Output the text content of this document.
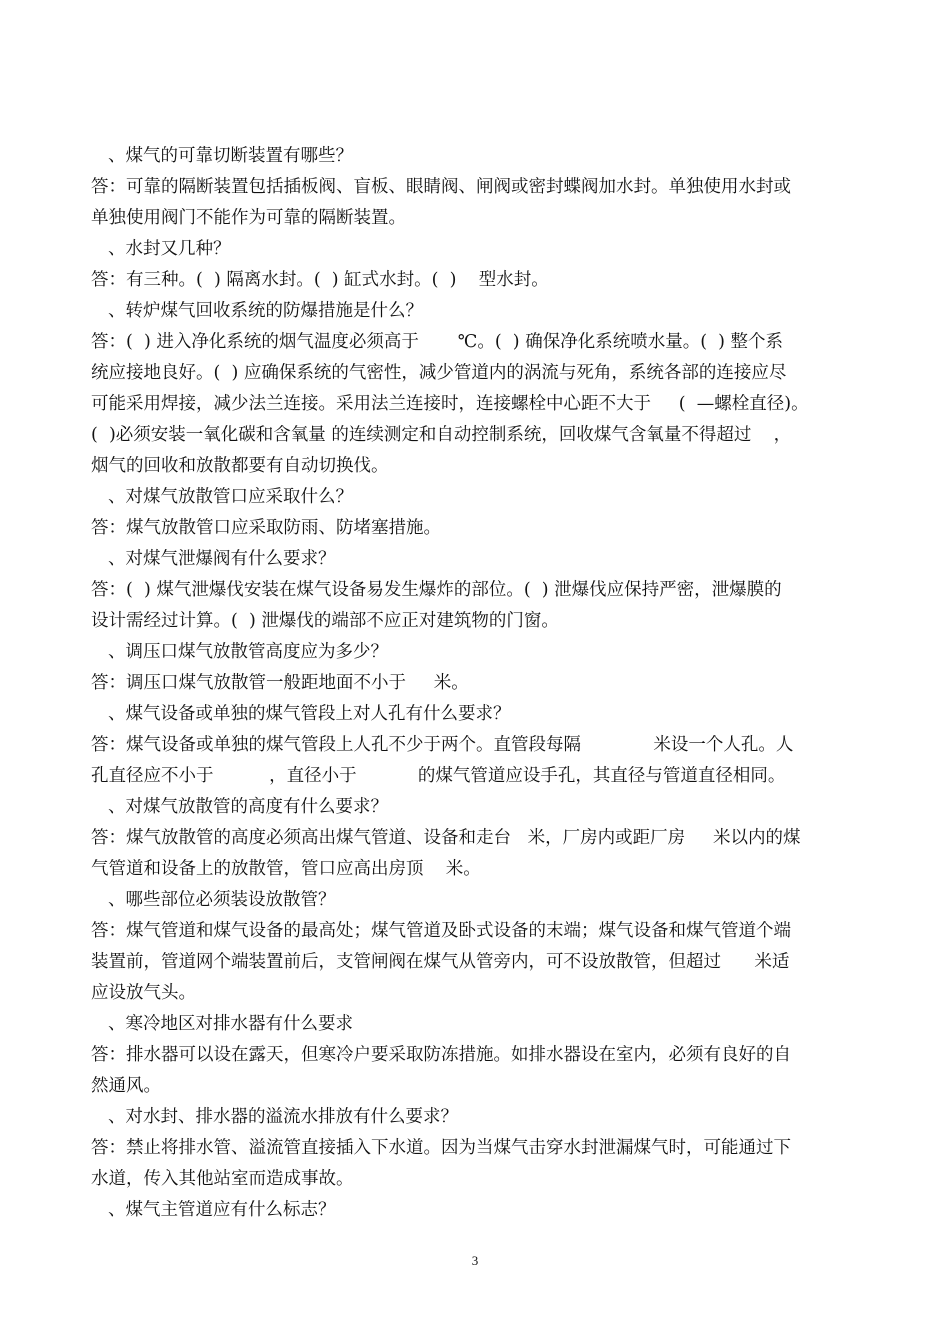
、煤气的可靠切断装置有哪些？
答：可靠的隔断装置包括插板阀、盲板、眼睛阀、闸阀或密封蝶阀加水封。单独使用水封或
单独使用阀门不能作为可靠的隔断装置。
、水封又几种？
答：有三种。(  ) 隔离水封。(  ) 缸式水封。(  )    型水封。
、转炉煤气回收系统的防爆措施是什么？
答：(  ) 进入净化系统的烟气温度必须高于       ℃。(  ) 确保净化系统喷水量。(  ) 整个系
统应接地良好。(  ) 应确保系统的气密性，减少管道内的涡流与死角，系统各部的连接应尽
可能采用焊接，减少法兰连接。采用法兰连接时，连接螺栓中心距不大于     (  —螺栓直径)。
(  )必须安装一氧化碳和含氧量 的连续测定和自动控制系统，回收煤气含氧量不得超过    ，
烟气的回收和放散都要有自动切换伐。
、对煤气放散管口应采取什么？
答：煤气放散管口应采取防雨、防堵塞措施。
、对煤气泄爆阀有什么要求？
答：(  ) 煤气泄爆伐安装在煤气设备易发生爆炸的部位。(  ) 泄爆伐应保持严密，泄爆膜的
设计需经过计算。(  ) 泄爆伐的端部不应正对建筑物的门窗。
、调压口煤气放散管高度应为多少？
答：调压口煤气放散管一般距地面不小于     米。
、煤气设备或单独的煤气管段上对人孔有什么要求？
答：煤气设备或单独的煤气管段上人孔不少于两个。直管段每隔             米设一个人孔。人
孔直径应不小于          ，直径小于           的煤气管道应设手孔，其直径与管道直径相同。
、对煤气放散管的高度有什么要求？
答：煤气放散管的高度必须高出煤气管道、设备和走台   米，厂房内或距厂房     米以内的煤
气管道和设备上的放散管，管口应高出房顶    米。
、哪些部位必须装设放散管？
答：煤气管道和煤气设备的最高处；煤气管道及卧式设备的末端；煤气设备和煤气管道个端
装置前，管道网个端装置前后，支管闸阀在煤气从管旁内，可不设放散管，但超过      米适
应设放气头。
、寒冷地区对排水器有什么要求
答：排水器可以设在露天，但寒冷户要采取防冻措施。如排水器设在室内，必须有良好的自
然通风。
、对水封、排水器的溢流水排放有什么要求？
答：禁止将排水管、溢流管直接插入下水道。因为当煤气击穿水封泄漏煤气时，可能通过下
水道，传入其他站室而造成事故。
、煤气主管道应有什么标志？
3
